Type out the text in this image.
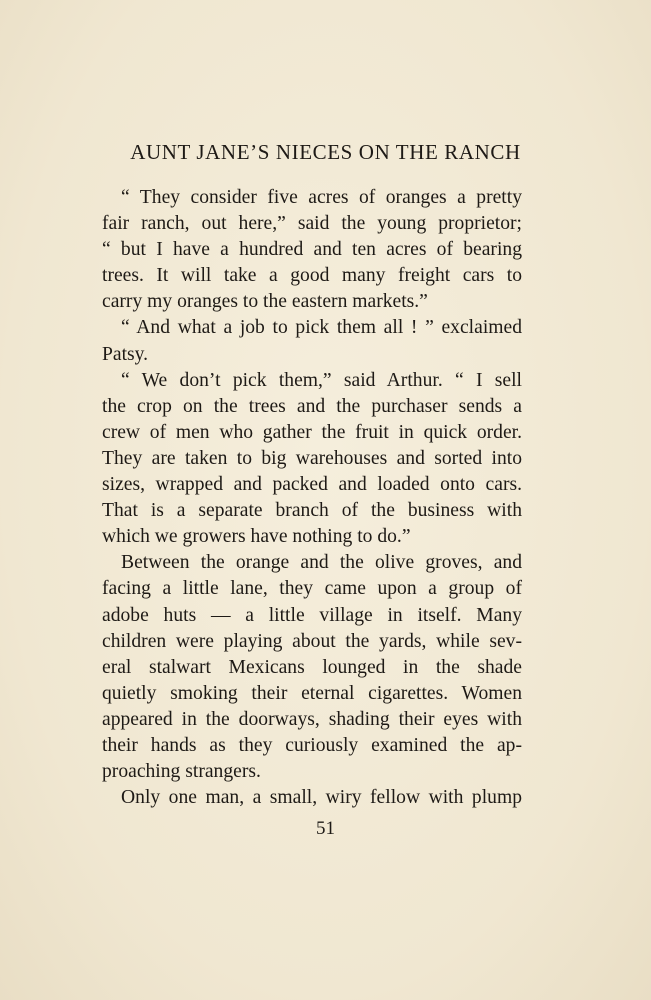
AUNT JANE’S NIECES ON THE RANCH
“ They consider five acres of oranges a pretty
fair ranch, out here,” said the young proprietor;
“ but I have a hundred and ten acres of bearing
trees. It will take a good many freight cars to
carry my oranges to the eastern markets.”
“ And what a job to pick them all ! ” exclaimed
Patsy.
“ We don’t pick them,” said Arthur. “ I sell
the crop on the trees and the purchaser sends a
crew of men who gather the fruit in quick order.
They are taken to big warehouses and sorted into
sizes, wrapped and packed and loaded onto cars.
That is a separate branch of the business with
which we growers have nothing to do.”
Between the orange and the olive groves, and
facing a little lane, they came upon a group of
adobe huts — a little village in itself. Many
children were playing about the yards, while sev-
eral stalwart Mexicans lounged in the shade
quietly smoking their eternal cigarettes. Women
appeared in the doorways, shading their eyes with
their hands as they curiously examined the ap-
proaching strangers.
Only one man, a small, wiry fellow with plump
51
